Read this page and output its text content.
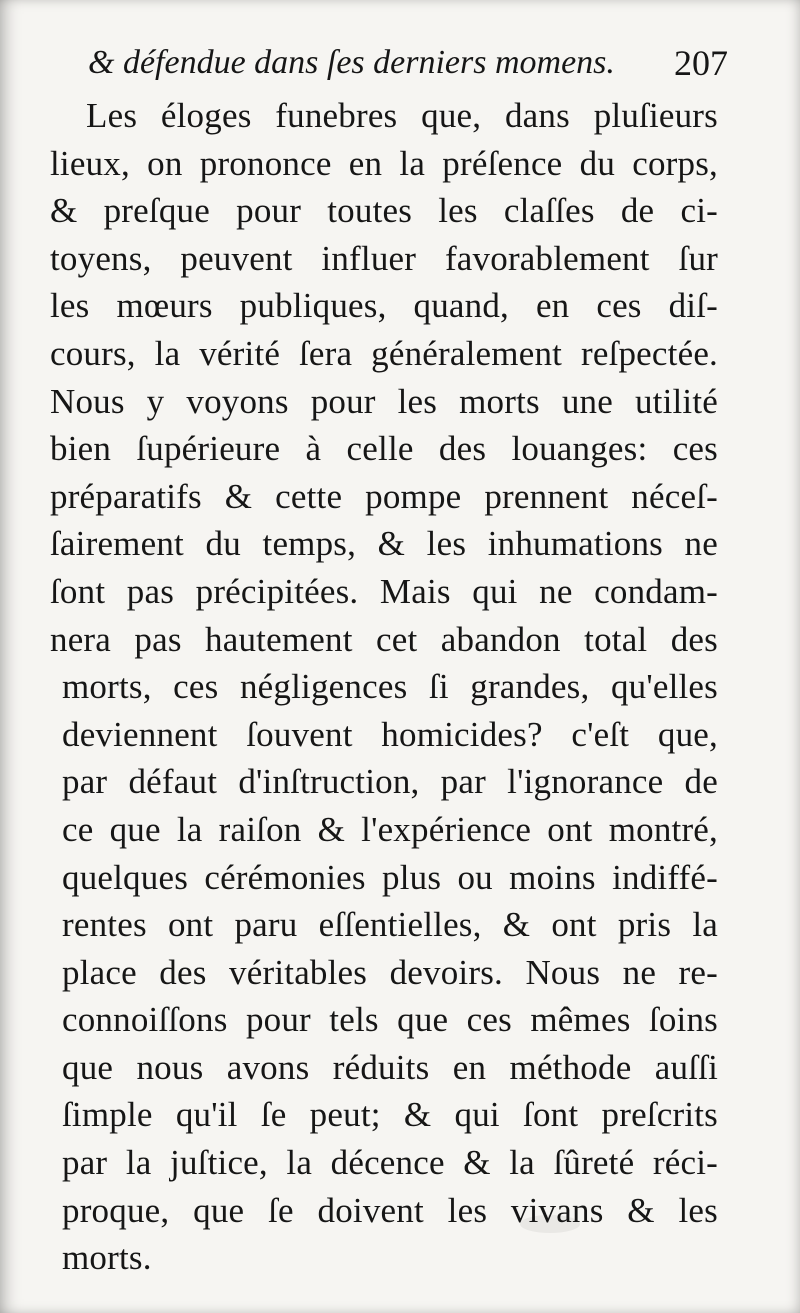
& défendue dans ſes derniers momens. 207
Les éloges funebres que, dans pluſieurs
lieux, on prononce en la préſence du corps,
& preſque pour toutes les claſſes de ci-
toyens, peuvent influer favorablement ſur
les mœurs publiques, quand, en ces diſ-
cours, la vérité ſera généralement reſpectée.
Nous y voyons pour les morts une utilité
bien ſupérieure à celle des louanges: ces
préparatifs & cette pompe prennent néceſ-
ſairement du temps, & les inhumations ne
ſont pas précipitées. Mais qui ne condam-
nera pas hautement cet abandon total des
morts, ces négligences ſi grandes, qu'elles
deviennent ſouvent homicides? c'eſt que,
par défaut d'inſtruction, par l'ignorance de
ce que la raiſon & l'expérience ont montré,
quelques cérémonies plus ou moins indiffé-
rentes ont paru eſſentielles, & ont pris la
place des véritables devoirs. Nous ne re-
connoiſſons pour tels que ces mêmes ſoins
que nous avons réduits en méthode auſſi
ſimple qu'il ſe peut; & qui ſont preſcrits
par la juſtice, la décence & la ſûreté réci-
proque, que ſe doivent les vivans & les
morts.
